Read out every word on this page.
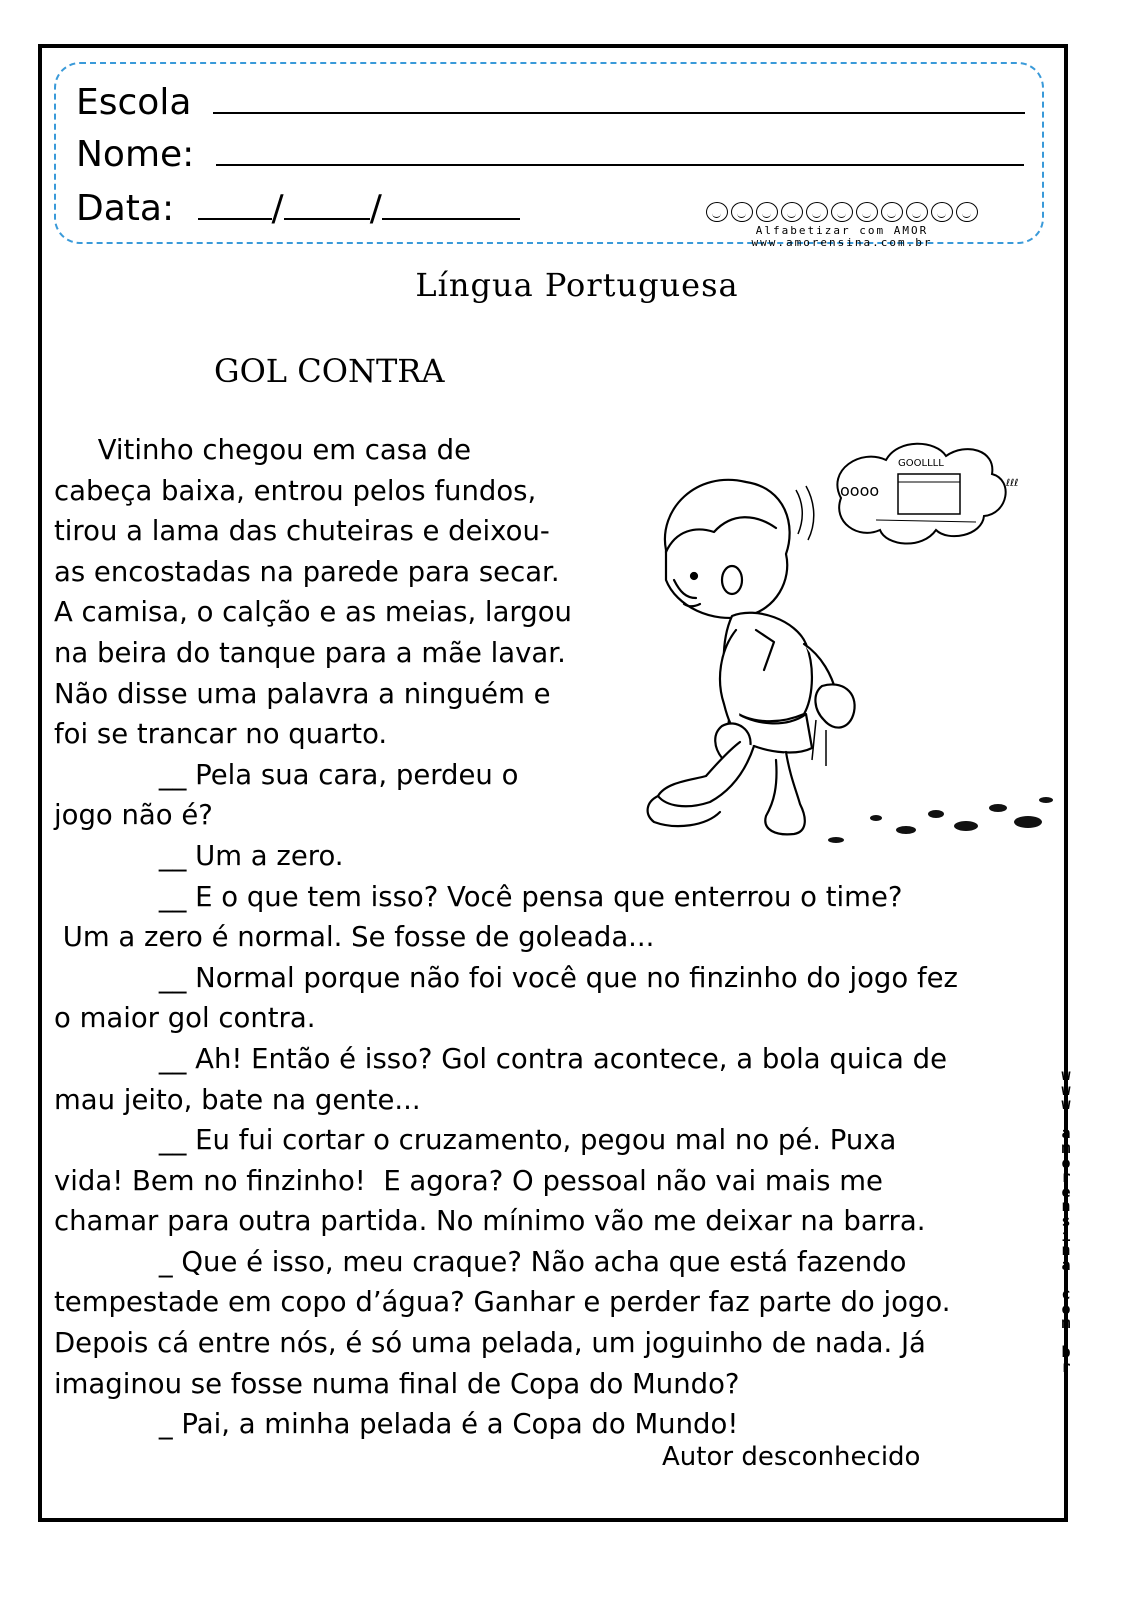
Escola
Nome:
Data:	/ /
Alfabetizar com AMOR
www.amorensina.com.br
Língua Portuguesa
GOL CONTRA
Vitinho chegou em casa de
cabeça baixa, entrou pelos fundos,
tirou a lama das chuteiras e deixou-
as encostadas na parede para secar.
A camisa, o calção e as meias, largou
na beira do tanque para a mãe lavar.
Não disse uma palavra a ninguém e
foi se trancar no quarto.
__ Pela sua cara, perdeu o
jogo não é?
__ Um a zero.
__ E o que tem isso? Você pensa que enterrou o time?
Um a zero é normal. Se fosse de goleada...
__ Normal porque não foi você que no finzinho do jogo fez
o maior gol contra.
__ Ah! Então é isso? Gol contra acontece, a bola quica de
mau jeito, bate na gente...
__ Eu fui cortar o cruzamento, pegou mal no pé. Puxa
vida! Bem no finzinho!  E agora? O pessoal não vai mais me
chamar para outra partida. No mínimo vão me deixar na barra.
_ Que é isso, meu craque? Não acha que está fazendo
tempestade em copo d’água? Ganhar e perder faz parte do jogo.
Depois cá entre nós, é só uma pelada, um joguinho de nada. Já
imaginou se fosse numa final de Copa do Mundo?
_ Pai, a minha pelada é a Copa do Mundo!
Autor desconhecido
w
w
w
.
a
m
o
r
e
n
s
i
n
a
.
c
o
m
.
b
r
oooo
GOOLLLL
ℓℓℓ
